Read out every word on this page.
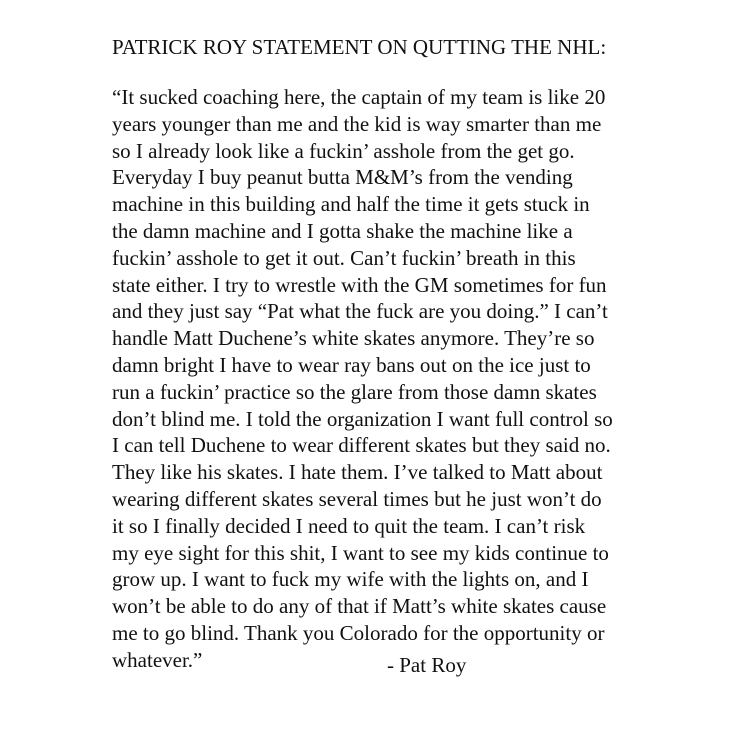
PATRICK ROY STATEMENT ON QUTTING THE NHL:
“It sucked coaching here, the captain of my team is like 20
years younger than me and the kid is way smarter than me
so I already look like a fuckin’ asshole from the get go.
Everyday I buy peanut butta M&M’s from the vending
machine in this building and half the time it gets stuck in
the damn machine and I gotta shake the machine like a
fuckin’ asshole to get it out. Can’t fuckin’ breath in this
state either. I try to wrestle with the GM sometimes for fun
and they just say “Pat what the fuck are you doing.” I can’t
handle Matt Duchene’s white skates anymore. They’re so
damn bright I have to wear ray bans out on the ice just to
run a fuckin’ practice so the glare from those damn skates
don’t blind me. I told the organization I want full control so
I can tell Duchene to wear different skates but they said no.
They like his skates. I hate them. I’ve talked to Matt about
wearing different skates several times but he just won’t do
it so I finally decided I need to quit the team. I can’t risk
my eye sight for this shit, I want to see my kids continue to
grow up. I want to fuck my wife with the lights on, and I
won’t be able to do any of that if Matt’s white skates cause
me to go blind. Thank you Colorado for the opportunity or
whatever.”	- Pat Roy
